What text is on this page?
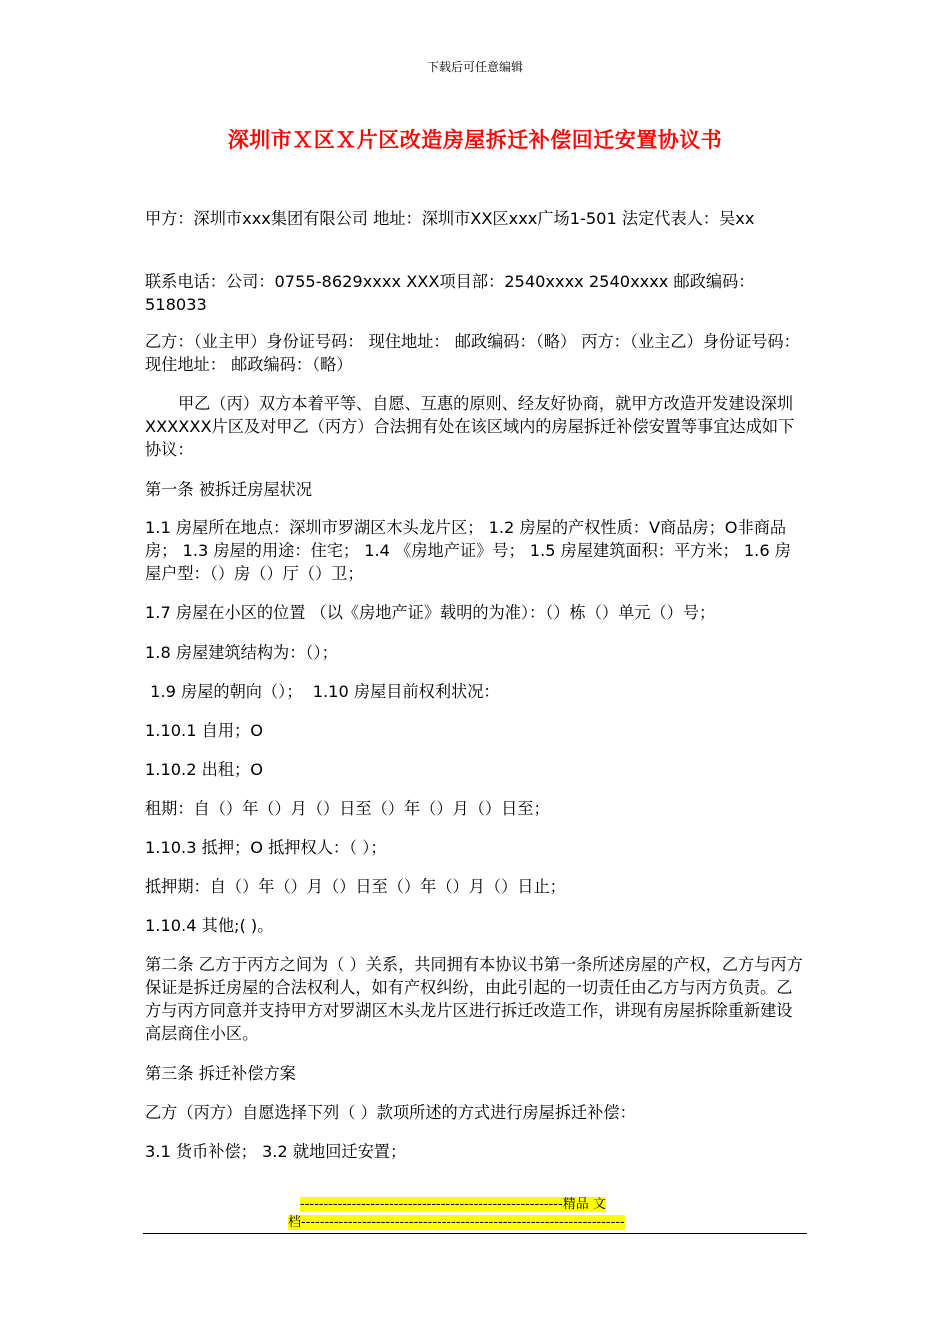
下载后可任意编辑
深圳市Ｘ区Ｘ片区改造房屋拆迁补偿回迁安置协议书
甲方：深圳市xxx集团有限公司 地址：深圳市XX区xxx广场1-501 法定代表人：吴xx
联系电话：公司：0755-8629xxxx XXX项目部：2540xxxx 2540xxxx 邮政编码：518033
乙方：（业主甲）身份证号码： 现住地址： 邮政编码：（略） 丙方：（业主乙）身份证号码： 现住地址： 邮政编码：（略）
甲乙（丙）双方本着平等、自愿、互惠的原则、经友好协商，就甲方改造开发建设深圳XXXXXX片区及对甲乙（丙方）合法拥有处在该区域内的房屋拆迁补偿安置等事宜达成如下协议：
第一条 被拆迁房屋状况
1.1 房屋所在地点：深圳市罗湖区木头龙片区； 1.2 房屋的产权性质：V商品房；O非商品房； 1.3 房屋的用途：住宅； 1.4 《房地产证》号； 1.5 房屋建筑面积：平方米； 1.6 房屋户型：（）房（）厅（）卫；
1.7 房屋在小区的位置 （以《房地产证》载明的为准）：（）栋（）单元（）号；
1.8 房屋建筑结构为：（）；
1.9 房屋的朝向（）；  1.10 房屋目前权利状况：
1.10.1 自用；O
1.10.2 出租；O
租期：自（）年（）月（）日至（）年（）月（）日至；
1.10.3 抵押；O 抵押权人：（ ）；
抵押期：自（）年（）月（）日至（）年（）月（）日止；
1.10.4 其他;( )。
第二条 乙方于丙方之间为（ ）关系，共同拥有本协议书第一条所述房屋的产权，乙方与丙方保证是拆迁房屋的合法权利人，如有产权纠纷，由此引起的一切责任由乙方与丙方负责。乙方与丙方同意并支持甲方对罗湖区木头龙片区进行拆迁改造工作，讲现有房屋拆除重新建设高层商住小区。
第三条 拆迁补偿方案
乙方（丙方）自愿选择下列（ ）款项所述的方式进行房屋拆迁补偿：
3.1 货币补偿； 3.2 就地回迁安置；
--------------------------------------------------------精品 文
档---------------------------------------------------------------------
